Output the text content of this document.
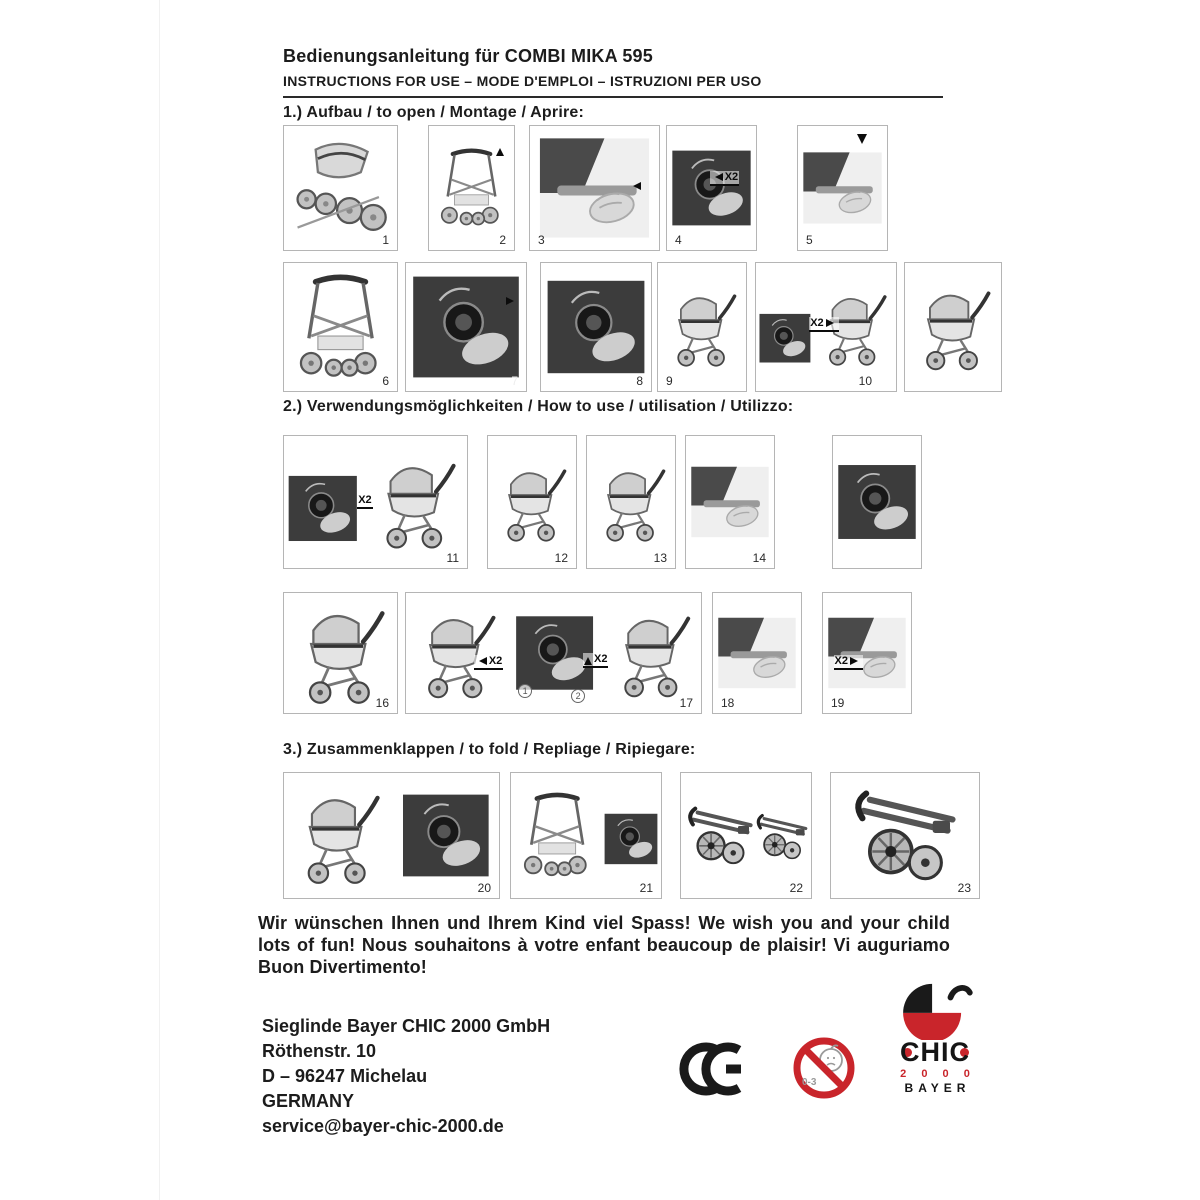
Bedienungsanleitung für COMBI MIKA 595
INSTRUCTIONS FOR USE – MODE D'EMPLOI – ISTRUZIONI PER USO
1.) Aufbau / to open / Montage / Aprire:
1	2	3
X2
4	5
6	7	8 9
X2
10
2.) Verwendungsmöglichkeiten / How to use / utilisation / Utilizzo:
X2
11	12	13	14
16
X2
1
X2
2	17 18
X2
19
3.) Zusammenklappen / to fold / Repliage / Ripiegare:
20	21	22	23

Wir wünschen Ihnen und Ihrem Kind viel Spass! We wish you and your child lots of fun! Nous souhaitons à votre enfant beaucoup de plaisir! Vi auguriamo Buon Divertimento!

Sieglinde Bayer CHIC 2000 GmbH
Röthenstr. 10
D – 96247 Michelau
GERMANY
service@bayer-chic-2000.de
0-3
CHIC
2 0 0 0
BAYER
